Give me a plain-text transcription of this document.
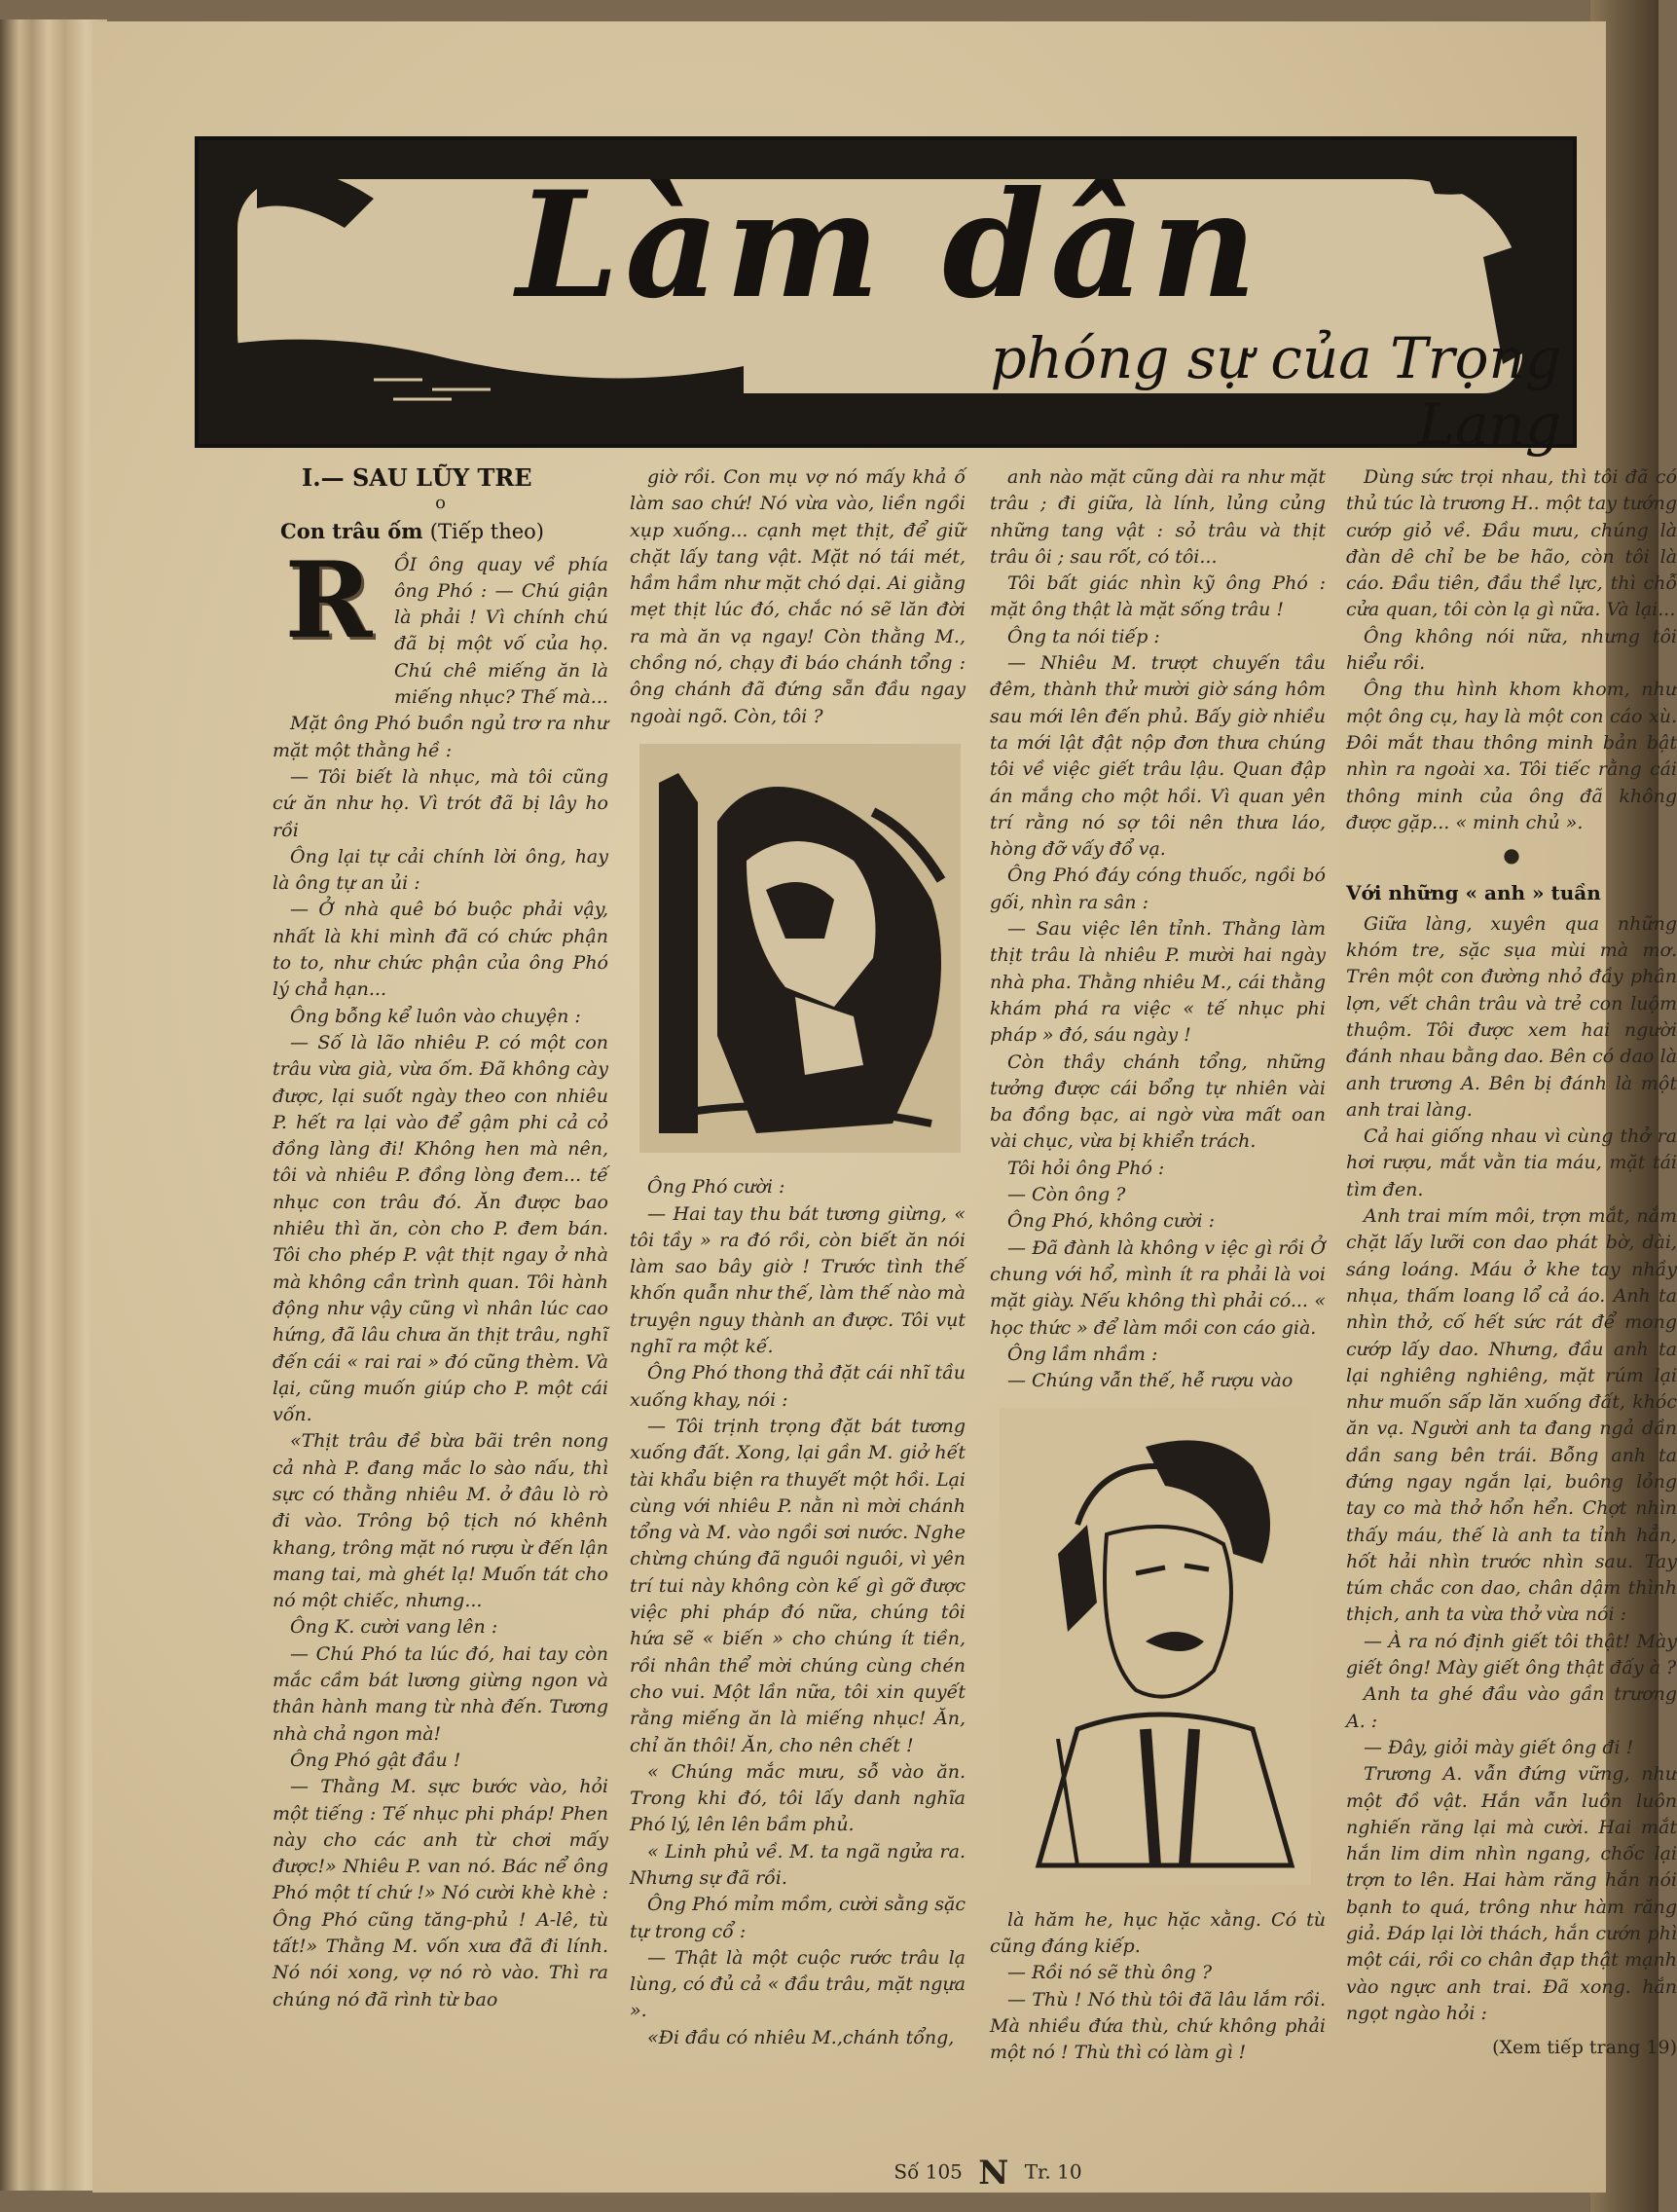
Làm dân
phóng sự của Trọng Lang
I.— SAU LŨY TRE
o
Con trâu ốm (Tiếp theo)
R	ỒI ông quay về phía ông Phó : — Chú giận là phải ! Vì chính chú đã bị một vố của họ. Chú chê miếng ăn là miếng nhục? Thế mà...

Mặt ông Phó buồn ngủ trơ ra như mặt một thằng hề :

— Tôi biết là nhục, mà tôi cũng cứ ăn như họ. Vì trót đã bị lây ho rồi

Ông lại tự cải chính lời ông, hay là ông tự an ủi :

— Ở nhà quê bó buộc phải vậy, nhất là khi mình đã có chức phận to to, như chức phận của ông Phó lý chẳ hạn...

Ông bỗng kể luôn vào chuyện :

— Số là lão nhiêu P. có một con trâu vừa già, vừa ốm. Đã không cày được, lại suốt ngày theo con nhiêu P. hết ra lại vào để gậm phi cả cỏ đồng làng đi! Không hen mà nên, tôi và nhiêu P. đồng lòng đem... tế nhục con trâu đó. Ăn được bao nhiêu thì ăn, còn cho P. đem bán. Tôi cho phép P. vật thịt ngay ở nhà mà không cần trình quan. Tôi hành động như vậy cũng vì nhân lúc cao hứng, đã lâu chưa ăn thịt trâu, nghĩ đến cái « rai rai » đó cũng thèm. Và lại, cũng muốn giúp cho P. một cái vốn.

«Thịt trâu đề bừa bãi trên nong cả nhà P. đang mắc lo sào nấu, thì sực có thằng nhiêu M. ở đâu lò rò đi vào. Trông bộ tịch nó khênh khang, trông mặt nó rượu ừ đến lận mang tai, mà ghét lạ! Muốn tát cho nó một chiếc, nhưng...

Ông K. cười vang lên :

— Chú Phó ta lúc đó, hai tay còn mắc cầm bát lương giừng ngon và thân hành mang từ nhà đến. Tương nhà chả ngon mà!

Ông Phó gật đầu !

— Thằng M. sực bước vào, hỏi một tiếng : Tế nhục phi pháp! Phen này cho các anh từ chơi mấy được!» Nhiêu P. van nó. Bác nể ông Phó một tí chứ !» Nó cười khè khè : Ông Phó cũng tăng-phủ ! A-lê, tù tất!» Thằng M. vốn xưa đã đi lính. Nó nói xong, vợ nó rò vào. Thì ra chúng nó đã rình từ bao

giờ rồi. Con mụ vợ nó mấy khả ố làm sao chứ! Nó vừa vào, liền ngồi xụp xuống... cạnh mẹt thịt, để giữ chặt lấy tang vật. Mặt nó tái mét, hầm hầm như mặt chó dại. Ai giằng mẹt thịt lúc đó, chắc nó sẽ lăn đời ra mà ăn vạ ngay! Còn thằng M., chồng nó, chạy đi báo chánh tổng : ông chánh đã đứng sẵn đầu ngay ngoài ngõ. Còn, tôi ?

Ông Phó cười :

— Hai tay thu bát tương giừng, « tôi tầy » ra đó rồi, còn biết ăn nói làm sao bây giờ ! Trước tình thế khốn quẫn như thế, làm thế nào mà truyện nguy thành an được. Tôi vụt nghĩ ra một kế.

Ông Phó thong thả đặt cái nhĩ tầu xuống khay, nói :

— Tôi trịnh trọng đặt bát tương xuống đất. Xong, lại gần M. giở hết tài khẩu biện ra thuyết một hồi. Lại cùng với nhiêu P. nằn nì mời chánh tổng và M. vào ngồi sơi nước. Nghe chừng chúng đã nguôi nguôi, vì yên trí tui này không còn kế gì gỡ được việc phi pháp đó nữa, chúng tôi hứa sẽ « biến » cho chúng ít tiền, rồi nhân thể mời chúng cùng chén cho vui. Một lần nữa, tôi xin quyết rằng miếng ăn là miếng nhục! Ăn, chỉ ăn thôi! Ăn, cho nên chết !

« Chúng mắc mưu, sỗ vào ăn. Trong khi đó, tôi lấy danh nghĩa Phó lý, lên lên bầm phủ.

« Linh phủ về. M. ta ngã ngửa ra. Nhưng sự đã rồi.

Ông Phó mỉm mồm, cười sằng sặc tự trong cổ :

— Thật là một cuộc rước trâu lạ lùng, có đủ cả « đầu trâu, mặt ngựa ».

«Đi đầu có nhiêu M.,chánh tổng,

anh nào mặt cũng dài ra như mặt trâu ; đi giữa, là lính, lủng củng những tang vật : sỏ trâu và thịt trâu ôi ; sau rốt, có tôi...

Tôi bất giác nhìn kỹ ông Phó : mặt ông thật là mặt sống trâu !

Ông ta nói tiếp :

— Nhiêu M. trượt chuyến tầu đêm, thành thử mười giờ sáng hôm sau mới lên đến phủ. Bấy giờ nhiều ta mới lật đật nộp đơn thưa chúng tôi về việc giết trâu lậu. Quan đập án mắng cho một hồi. Vì quan yên trí rằng nó sợ tôi nên thưa láo, hòng đỡ vấy đổ vạ.

Ông Phó đáy cóng thuốc, ngồi bó gối, nhìn ra sân :

— Sau việc lên tỉnh. Thằng làm thịt trâu là nhiêu P. mười hai ngày nhà pha. Thằng nhiêu M., cái thằng khám phá ra việc « tế nhục phi pháp » đó, sáu ngày !

Còn thầy chánh tổng, những tưởng được cái bổng tự nhiên vài ba đồng bạc, ai ngờ vừa mất oan vài chục, vừa bị khiển trách.

Tôi hỏi ông Phó :

— Còn ông ?

Ông Phó, không cười :

— Đã đành là không v iệc gì rồi Ở chung với hổ, mình ít ra phải là voi mặt giày. Nếu không thì phải có... « học thức » để làm mồi con cáo già.

Ông lầm nhầm :

— Chúng vẫn thế, hễ rượu vào

là hăm he, hục hặc xằng. Có tù cũng đáng kiếp.

— Rồi nó sẽ thù ông ?

— Thù ! Nó thù tôi đã lâu lắm rồi. Mà nhiều đứa thù, chứ không phải một nó ! Thù thì có làm gì !

Dùng sức trọi nhau, thì tôi đã có thủ túc là trương H.. một tay tướng cướp giỏ về. Đầu mưu, chúng là đàn dê chỉ be be hão, còn tôi là cáo. Đầu tiên, đầu thề lực, thì chỗ cửa quan, tôi còn lạ gì nữa. Và lại...

Ông không nói nữa, nhưng tôi hiểu rồi.

Ông thu hình khom khom, như một ông cụ, hay là một con cáo xù. Đôi mắt thau thông minh bản bật nhìn ra ngoài xa. Tôi tiếc rằng cái thông minh của ông đã không được gặp... « minh chủ ».

●
Với những « anh » tuần

Giữa làng, xuyên qua những khóm tre, sặc sụa mùi mà mơ. Trên một con đường nhỏ đầy phân lợn, vết chân trâu và trẻ con luộm thuộm. Tôi được xem hai người đánh nhau bằng dao. Bên có dao là anh trương A. Bên bị đánh là một anh trai làng.

Cả hai giống nhau vì cùng thở ra hơi rượu, mắt vằn tia máu, mặt tái tìm đen.

Anh trai mím môi, trợn mắt, nắm chặt lấy lưỡi con dao phát bờ, dài, sáng loáng. Máu ở khe tay nhầy nhụa, thấm loang lổ cả áo. Anh ta nhìn thở, cố hết sức rát để mong cướp lấy dao. Nhưng, đầu anh ta lại nghiêng nghiêng, mặt rúm lại như muốn sấp lăn xuống đất, khóc ăn vạ. Người anh ta đang ngả dần dần sang bên trái. Bỗng anh ta đứng ngay ngắn lại, buông lỏng tay co mà thở hổn hển. Chợt nhìn thấy máu, thế là anh ta tỉnh hẳn, hốt hải nhìn trước nhìn sau. Tay túm chắc con dao, chân dậm thình thịch, anh ta vừa thở vừa nói :

— À ra nó định giết tôi thật! Mày giết ông! Mày giết ông thật đấy à ?

Anh ta ghé đầu vào gần trương A. :

— Đây, giỏi mày giết ông đi !

Trương A. vẫn đứng vững, như một đồ vật. Hắn vẫn luôn luôn nghiến răng lại mà cười. Hai mắt hắn lim dim nhìn ngang, chốc lại trợn to lên. Hai hàm răng hắn nói bạnh to quá, trông như hàm răng giả. Đáp lại lời thách, hắn cướn phì một cái, rồi co chân đạp thật mạnh vào ngực anh trai. Đã xong. hắn ngọt ngào hỏi :

(Xem tiếp trang 19)
Số 105 N Tr. 10
